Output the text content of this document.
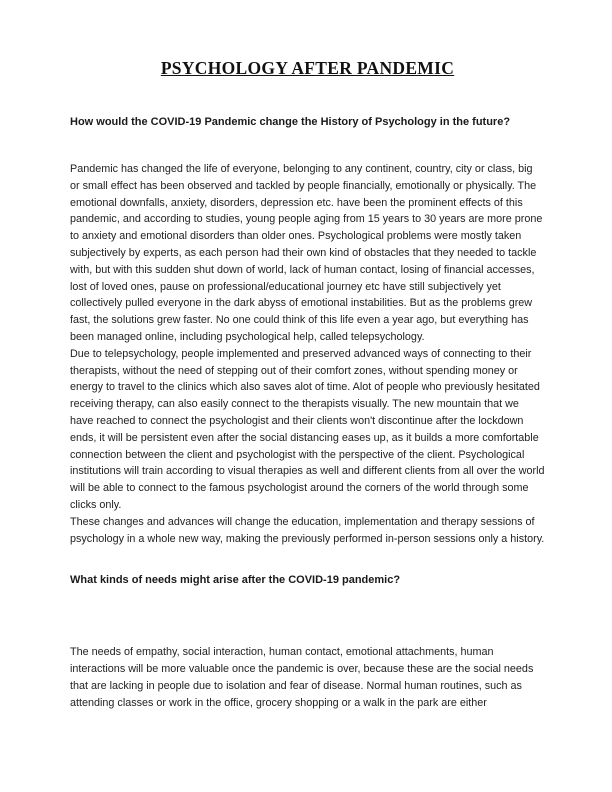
PSYCHOLOGY AFTER PANDEMIC
How would the COVID-19 Pandemic change the History of Psychology in the future?

Pandemic has changed the life of everyone, belonging to any continent, country, city or class, big or small effect has been observed and tackled by people financially, emotionally or physically. The emotional downfalls, anxiety, disorders, depression etc. have been the prominent effects of this pandemic, and according to studies, young people aging from 15 years to 30 years are more prone to anxiety and emotional disorders than older ones. Psychological problems were mostly taken subjectively by experts, as each person had their own kind of obstacles that they needed to tackle with, but with this sudden shut down of world, lack of human contact, losing of financial accesses, lost of loved ones, pause on professional/educational journey etc have still subjectively yet collectively pulled everyone in the dark abyss of emotional instabilities. But as the problems grew fast, the solutions grew faster. No one could think of this life even a year ago, but everything has been managed online, including psychological help, called telepsychology.

Due to telepsychology, people implemented and preserved advanced ways of connecting to their therapists, without the need of stepping out of their comfort zones, without spending money or energy to travel to the clinics which also saves alot of time. Alot of people who previously hesitated receiving therapy, can also easily connect to the therapists visually. The new mountain that we have reached to connect the psychologist and their clients won't discontinue after the lockdown ends, it will be persistent even after the social distancing eases up, as it builds a more comfortable connection between the client and psychologist with the perspective of the client. Psychological institutions will train according to visual therapies as well and different clients from all over the world will be able to connect to the famous psychologist around the corners of the world through some clicks only.

These changes and advances will change the education, implementation and therapy sessions of psychology in a whole new way, making the previously performed in-person sessions only a history.

What kinds of needs might arise after the COVID-19 pandemic?

The needs of empathy, social interaction, human contact, emotional attachments, human interactions will be more valuable once the pandemic is over, because these are the social needs that are lacking in people due to isolation and fear of disease. Normal human routines, such as attending classes or work in the office, grocery shopping or a walk in the park are either
